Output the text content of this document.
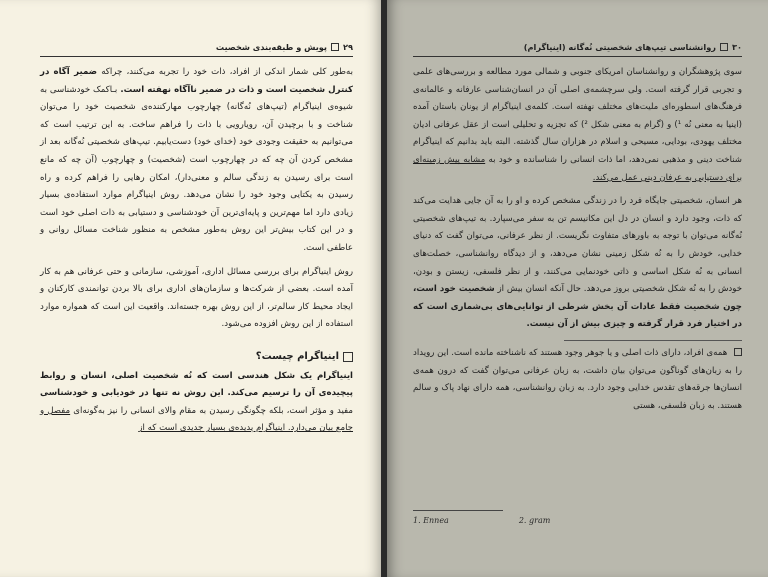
۲۹
پویش و طبقه‌بندی شخصیت

به‌طور کلی شمار اندکی از افراد، ذات خود را تجربه می‌کنند، چراکه ضمیر آگاه در کنترل شخصیت است و ذات در ضمیر ناآگاه نهفته است. بـاکمک خودشناسی به شیوه‌ی اینیاگرام (تیپ‌های نُه‌گانه) چهارچوب مهارکننده‌ی شخصیت خود را می‌توان شناخت و با برچیدن آن، رویارویی با ذات را فراهم ساخت. به این ترتیب است که می‌توانیم به حقیقت وجودی خود (خدای خود) دست‌یابیم. تیپ‌های شخصیتی نُه‌گانه بعد از مشخص کردن آن چه که در چهارچوب است (شخصیت) و چهارچوب (آن چه که مانع است برای رسیدن به زندگی سالم و معنی‌دار)، امکان رهایی را فراهم کرده و راه رسیدن به یکتایی وجود خود را نشان می‌دهد. روش اینیاگرام موارد استفاده‌ی بسیار زیادی دارد اما مهم‌ترین و پایه‌ای‌ترین آن خودشناسی و دستیابی به ذات اصلی خود است و در این کتاب بیش‌تر این روش به‌طور مشخص به منظور شناخت مسائل روانی و عاطفی است.

روش اینیاگرام برای بررسی مسائل اداری، آموزشی، سازمانی و حتی عرفانی هم به کار آمده است. بعضی از شرکت‌ها و سازمان‌های اداری برای بالا بردن توانمندی کارکنان و ایجاد محیط کار سالم‌تر، از این روش بهره جسته‌اند. واقعیت این است که همواره موارد استفاده از این روش افزوده می‌شود.

اینیاگرام چیست؟

اینیاگرام یک شکل هندسی است که نُه شخصیت اصلی، انسان و روابط پیچیده‌ی آن را ترسیم می‌کند. این روش نه تنها در خودیابی و خودشناسی مفید و مؤثر است، بلکه چگونگی رسیدن به مقام والای انسانی را نیز به‌گونه‌ای مفصل و جامع بیان می‌دارد. اینیاگرام پدیده‌ی بسیار جدیدی است که از

۳۰
روانشناسی تیپ‌های شخصیتی نُه‌گانه (اینیاگرام)

سوی پژوهشگران و روانشناسان امریکای جنوبی و شمالی مورد مطالعه و بررسی‌های علمی و تجربی قرار گرفته است. ولی سرچشمه‌ی اصلی آن در انسان‌شناسی عارفانه و عالمانه‌ی فرهنگ‌های اسطوره‌ای ملیت‌های مختلف نهفته است. کلمه‌ی اینیاگرام از یونان باستان آمده (اینیا به معنی نُه ¹) و (گرام به معنی شکل ²) که تجزیه و تحلیلی است از عقل عرفانی ادیان مختلف یهودی، بودایی، مسیحی و اسلام در هزاران سال گذشته. البته باید بدانیم که اینیاگرام شناخت دینی و مذهبی نمی‌دهد، اما ذات انسانی را شناسانده و خود به مشابه پیش زمینه‌ای برای دستیابی به عرفان دینی عمل می‌کند.

هر انسان، شخصیتی جایگاه فرد را در زندگی مشخص کرده و او را به آن جایی هدایت می‌کند که ذات، وجود دارد و انسان در دل این مکانیسم تن به سفر می‌سپارد. به تیپ‌های شخصیتی نُه‌گانه می‌توان با توجه به باورهای متفاوت نگریست. از نظر عرفانی، می‌توان گفت که دنیای خدایی، خودش را به نُه شکل زمینی نشان می‌دهد، و از دیدگاه روانشناسی، خصلت‌های انسانی به نُه شکل اساسی و ذاتی خودنمایی می‌کنند، و از نظر فلسفی، زیستن و بودن، خودش را به نُه شکل شخصیتی بروز می‌دهد. حال آنکه انسان بیش از شخصیت خود است، چون شخصیت فقط عادات آن بخش شرطی از توانایی‌های بی‌شماری است که در اختیار فرد قرار گرفته و چیزی بیش از آن نیست.

همه‌ی افراد، دارای ذات اصلی و یا جوهر وجود هستند که ناشناخته مانده است. این رویداد را به زبان‌های گوناگون می‌توان بیان داشت، به زبان عرفانی می‌توان گفت که درون همه‌ی انسان‌ها جرقه‌های تقدس خدایی وجود دارد. به زبان روانشناسی، همه دارای نهاد پاک و سالم هستند. به زبان فلسفی، هستی

1. Ennea	2. gram
